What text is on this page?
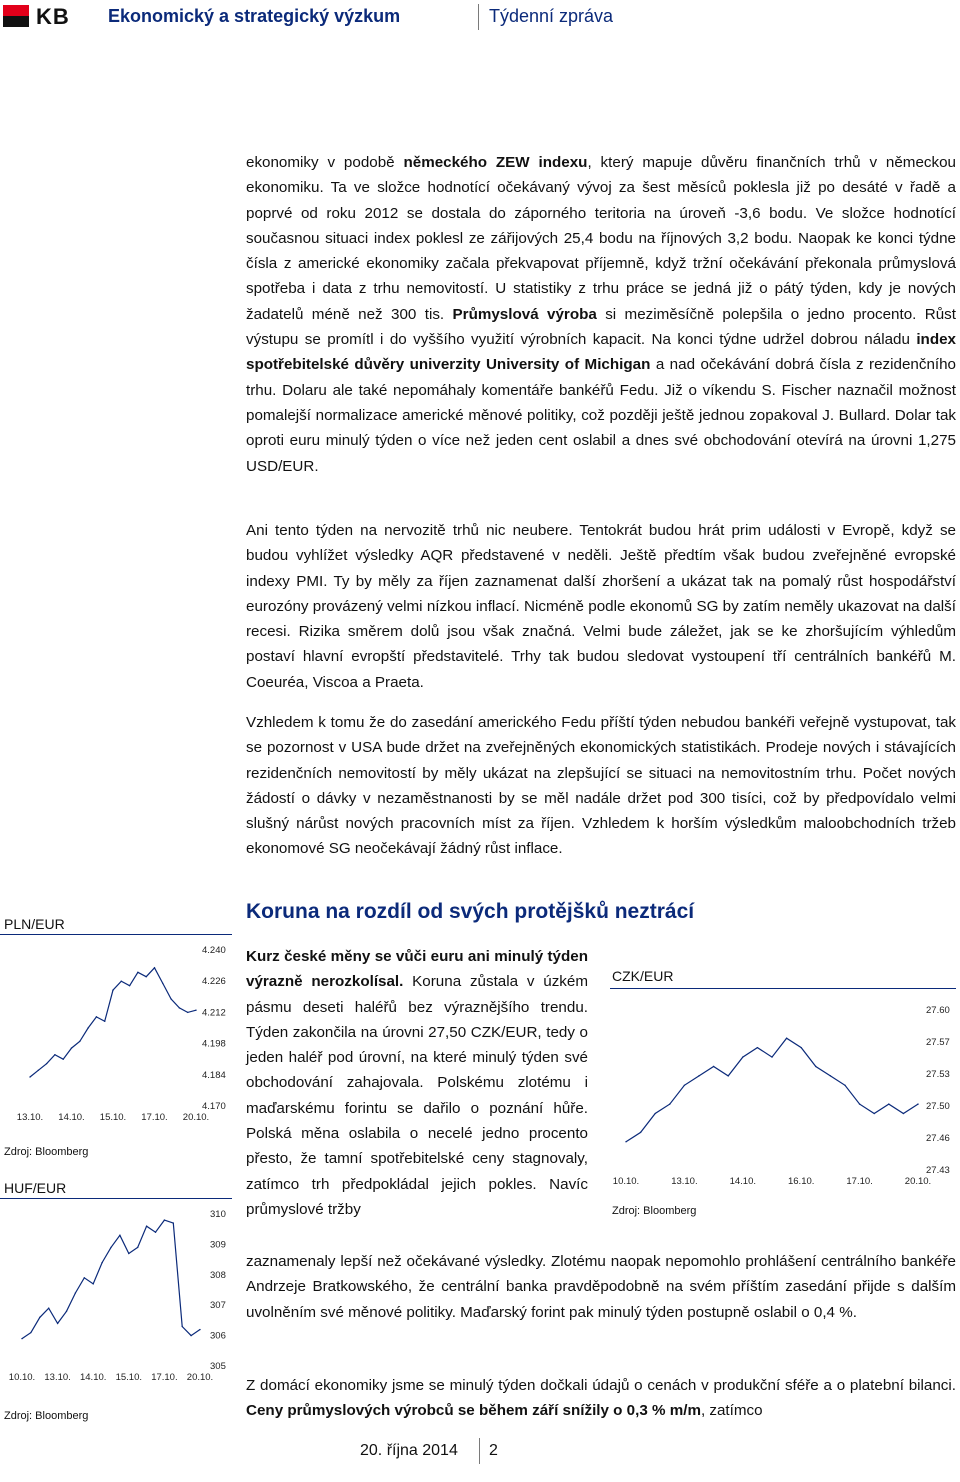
KB Ekonomický a strategický výzkum	Týdenní zpráva

ekonomiky v podobě německého ZEW indexu, který mapuje důvěru finančních trhů v německou ekonomiku. Ta ve složce hodnotící očekávaný vývoj za šest měsíců poklesla již po desáté v řadě a poprvé od roku 2012 se dostala do záporného teritoria na úroveň -3,6 bodu. Ve složce hodnotící současnou situaci index poklesl ze zářijových 25,4 bodu na říjnových 3,2 bodu. Naopak ke konci týdne čísla z americké ekonomiky začala překvapovat příjemně, když tržní očekávání překonala průmyslová spotřeba i data z trhu nemovitostí. U statistiky z trhu práce se jedná již o pátý týden, kdy je nových žadatelů méně než 300 tis. Průmyslová výroba si meziměsíčně polepšila o jedno procento. Růst výstupu se promítl i do vyššího využití výrobních kapacit. Na konci týdne udržel dobrou náladu index spotřebitelské důvěry univerzity University of Michigan a nad očekávání dobrá čísla z rezidenčního trhu. Dolaru ale také nepomáhaly komentáře bankéřů Fedu. Již o víkendu S. Fischer naznačil možnost pomalejší normalizace americké měnové politiky, což později ještě jednou zopakoval J. Bullard. Dolar tak oproti euru minulý týden o více než jeden cent oslabil a dnes své obchodování otevírá na úrovni 1,275 USD/EUR.

Ani tento týden na nervozitě trhů nic neubere. Tentokrát budou hrát prim události v Evropě, když se budou vyhlížet výsledky AQR představené v neděli. Ještě předtím však budou zveřejněné evropské indexy PMI. Ty by měly za říjen zaznamenat další zhoršení a ukázat tak na pomalý růst hospodářství eurozóny provázený velmi nízkou inflací. Nicméně podle ekonomů SG by zatím neměly ukazovat na další recesi. Rizika směrem dolů jsou však značná. Velmi bude záležet, jak se ke zhoršujícím výhledům postaví hlavní evropští představitelé. Trhy tak budou sledovat vystoupení tří centrálních bankéřů M. Coeuréa, Viscoa a Praeta.

Vzhledem k tomu že do zasedání amerického Fedu příští týden nebudou bankéři veřejně vystupovat, tak se pozornost v USA bude držet na zveřejněných ekonomických statistikách. Prodeje nových i stávajících rezidenčních nemovitostí by měly ukázat na zlepšující se situaci na nemovitostním trhu. Počet nových žádostí o dávky v nezaměstnanosti by se měl nadále držet pod 300 tisíci, což by předpovídalo velmi slušný nárůst nových pracovních míst za říjen. Vzhledem k horším výsledkům maloobchodních tržeb ekonomové SG neočekávají žádný růst inflace.

Koruna na rozdíl od svých protějšků neztrácí

Kurz české měny se vůči euru ani minulý týden výrazně nerozkolísal. Koruna zůstala v úzkém pásmu deseti haléřů bez výraznějšího trendu. Týden zakončila na úrovni 27,50 CZK/EUR, tedy o jeden haléř pod úrovní, na které minulý týden své obchodování zahajovala. Polskému zlotému i maďarskému forintu se dařilo o poznání hůře. Polská měna oslabila o necelé jedno procento přesto, že tamní spotřebitelské ceny stagnovaly, zatímco trh předpokládal jejich pokles. Navíc průmyslové tržby

zaznamenaly lepší než očekávané výsledky. Zlotému naopak nepomohlo prohlášení centrálního bankéře Andrzeje Bratkowského, že centrální banka pravděpodobně na svém příštím zasedání přijde s dalším uvolněním své měnové politiky. Maďarský forint pak minulý týden postupně oslabil o 0,4 %.

Z domácí ekonomiky jsme se minulý týden dočkali údajů o cenách v produkční sféře a o platební bilanci. Ceny průmyslových výrobců se během září snížily o 0,3 % m/m, zatímco

PLN/EUR
4.240
4.226
4.212
4.198
4.184
4.170
13.10. 14.10. 15.10. 17.10. 20.10.
Zdroj: Bloomberg
HUF/EUR
310
309
308
307
306
305
10.10. 13.10. 14.10. 15.10. 17.10. 20.10.
Zdroj: Bloomberg
CZK/EUR
27.60
27.57
27.53
27.50
27.46
27.43
10.10.	13.10.	14.10.	16.10.	17.10.	20.10.
Zdroj: Bloomberg
20. října 2014 2
